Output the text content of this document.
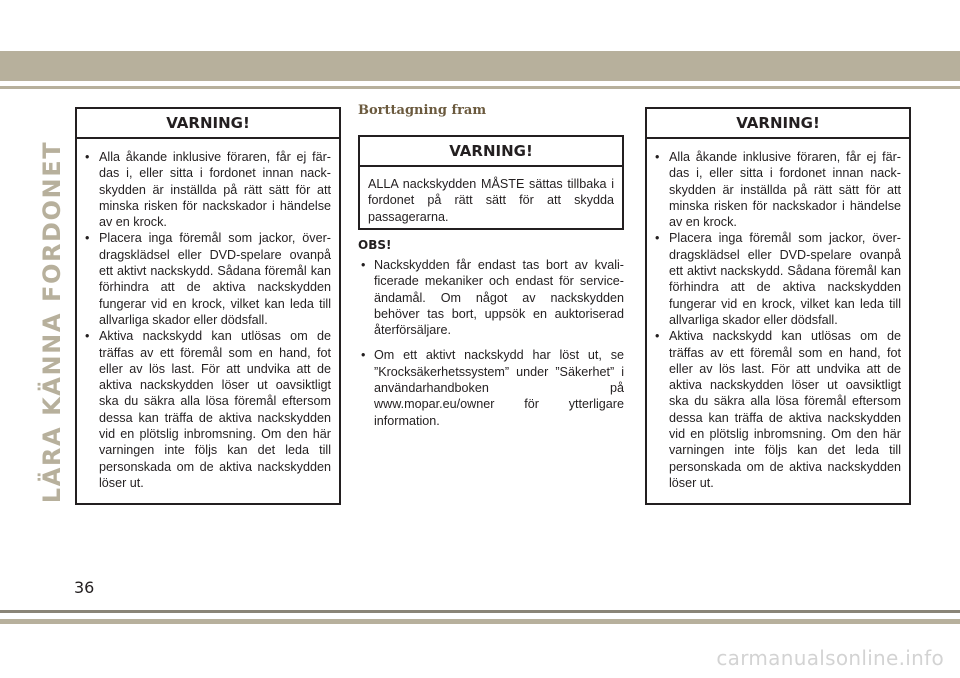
LÄRA KÄNNA FORDONET
VARNING!
• Alla åkande inklusive föraren, får ej fär-das i, eller sitta i fordonet innan nack-skydden är inställda på rätt sätt för att minska risken för nackskador i händelse av en krock.
• Placera inga föremål som jackor, över-dragsklädsel eller DVD-spelare ovanpå ett aktivt nackskydd. Sådana föremål kan förhindra att de aktiva nackskydden fungerar vid en krock, vilket kan leda till allvarliga skador eller dödsfall.
• Aktiva nackskydd kan utlösas om de träffas av ett föremål som en hand, fot eller av lös last. För att undvika att de aktiva nackskydden löser ut oavsiktligt ska du säkra alla lösa föremål eftersom dessa kan träffa de aktiva nackskydden vid en plötslig inbromsning. Om den här varningen inte följs kan det leda till personskada om de aktiva nackskydden löser ut.
Borttagning fram
VARNING!
ALLA nackskydden MÅSTE sättas tillbaka i fordonet på rätt sätt för att skydda passagerarna.
OBS!
• Nackskydden får endast tas bort av kvali-ficerade mekaniker och endast för service-ändamål. Om något av nackskydden behöver tas bort, uppsök en auktoriserad återförsäljare.
• Om ett aktivt nackskydd har löst ut, se ”Krocksäkerhetssystem” under ”Säkerhet” i användarhandboken på www.mopar.eu/owner för ytterligare information.
VARNING!
• Alla åkande inklusive föraren, får ej fär-das i, eller sitta i fordonet innan nack-skydden är inställda på rätt sätt för att minska risken för nackskador i händelse av en krock.
• Placera inga föremål som jackor, över-dragsklädsel eller DVD-spelare ovanpå ett aktivt nackskydd. Sådana föremål kan förhindra att de aktiva nackskydden fungerar vid en krock, vilket kan leda till allvarliga skador eller dödsfall.
• Aktiva nackskydd kan utlösas om de träffas av ett föremål som en hand, fot eller av lös last. För att undvika att de aktiva nackskydden löser ut oavsiktligt ska du säkra alla lösa föremål eftersom dessa kan träffa de aktiva nackskydden vid en plötslig inbromsning. Om den här varningen inte följs kan det leda till personskada om de aktiva nackskydden löser ut.
36
carmanualsonline.info
